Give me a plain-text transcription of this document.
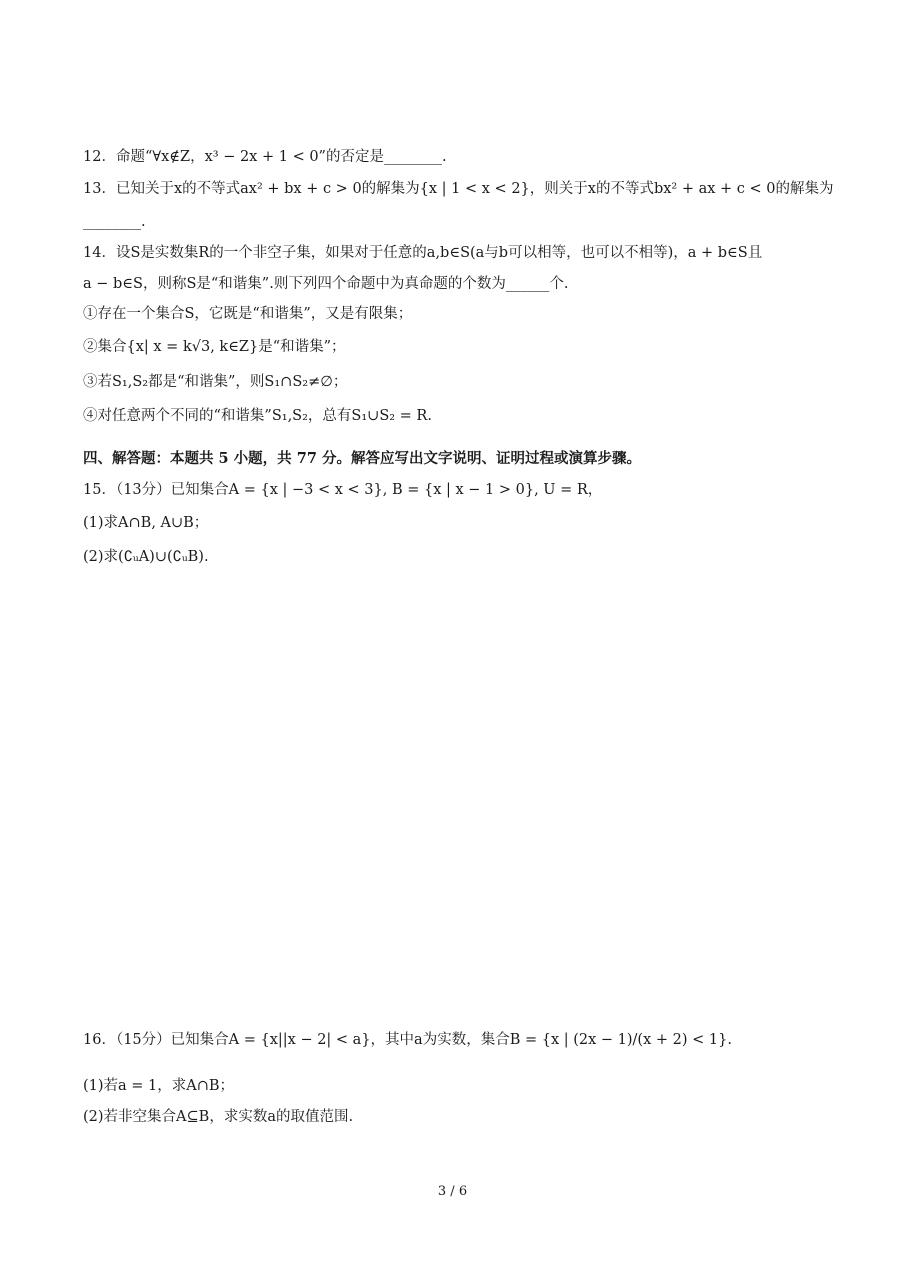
12．命题“∀x∉Z，x³ − 2x + 1 < 0”的否定是________.
13．已知关于x的不等式ax² + bx + c > 0的解集为{x | 1 < x < 2}，则关于x的不等式bx² + ax + c < 0的解集为
________.
14．设S是实数集R的一个非空子集，如果对于任意的a,b∈S(a与b可以相等，也可以不相等)，a + b∈S且
a − b∈S，则称S是“和谐集”.则下列四个命题中为真命题的个数为______个.
①存在一个集合S，它既是“和谐集”，又是有限集；
②集合{x| x = k√3, k∈Z}是“和谐集”；
③若S₁,S₂都是“和谐集”，则S₁∩S₂≠∅；
④对任意两个不同的“和谐集”S₁,S₂，总有S₁∪S₂ = R.
四、解答题：本题共 5 小题，共 77 分。解答应写出文字说明、证明过程或演算步骤。
15．（13分）已知集合A = {x | −3 < x < 3}, B = {x | x − 1 > 0}, U = R，
(1)求A∩B, A∪B；
(2)求(∁ᵤA)∪(∁ᵤB).
16．（15分）已知集合A = {x||x − 2| < a}，其中a为实数，集合B = {x | (2x − 1)/(x + 2) < 1}.
(1)若a = 1，求A∩B；
(2)若非空集合A⊆B，求实数a的取值范围.
3 / 6
